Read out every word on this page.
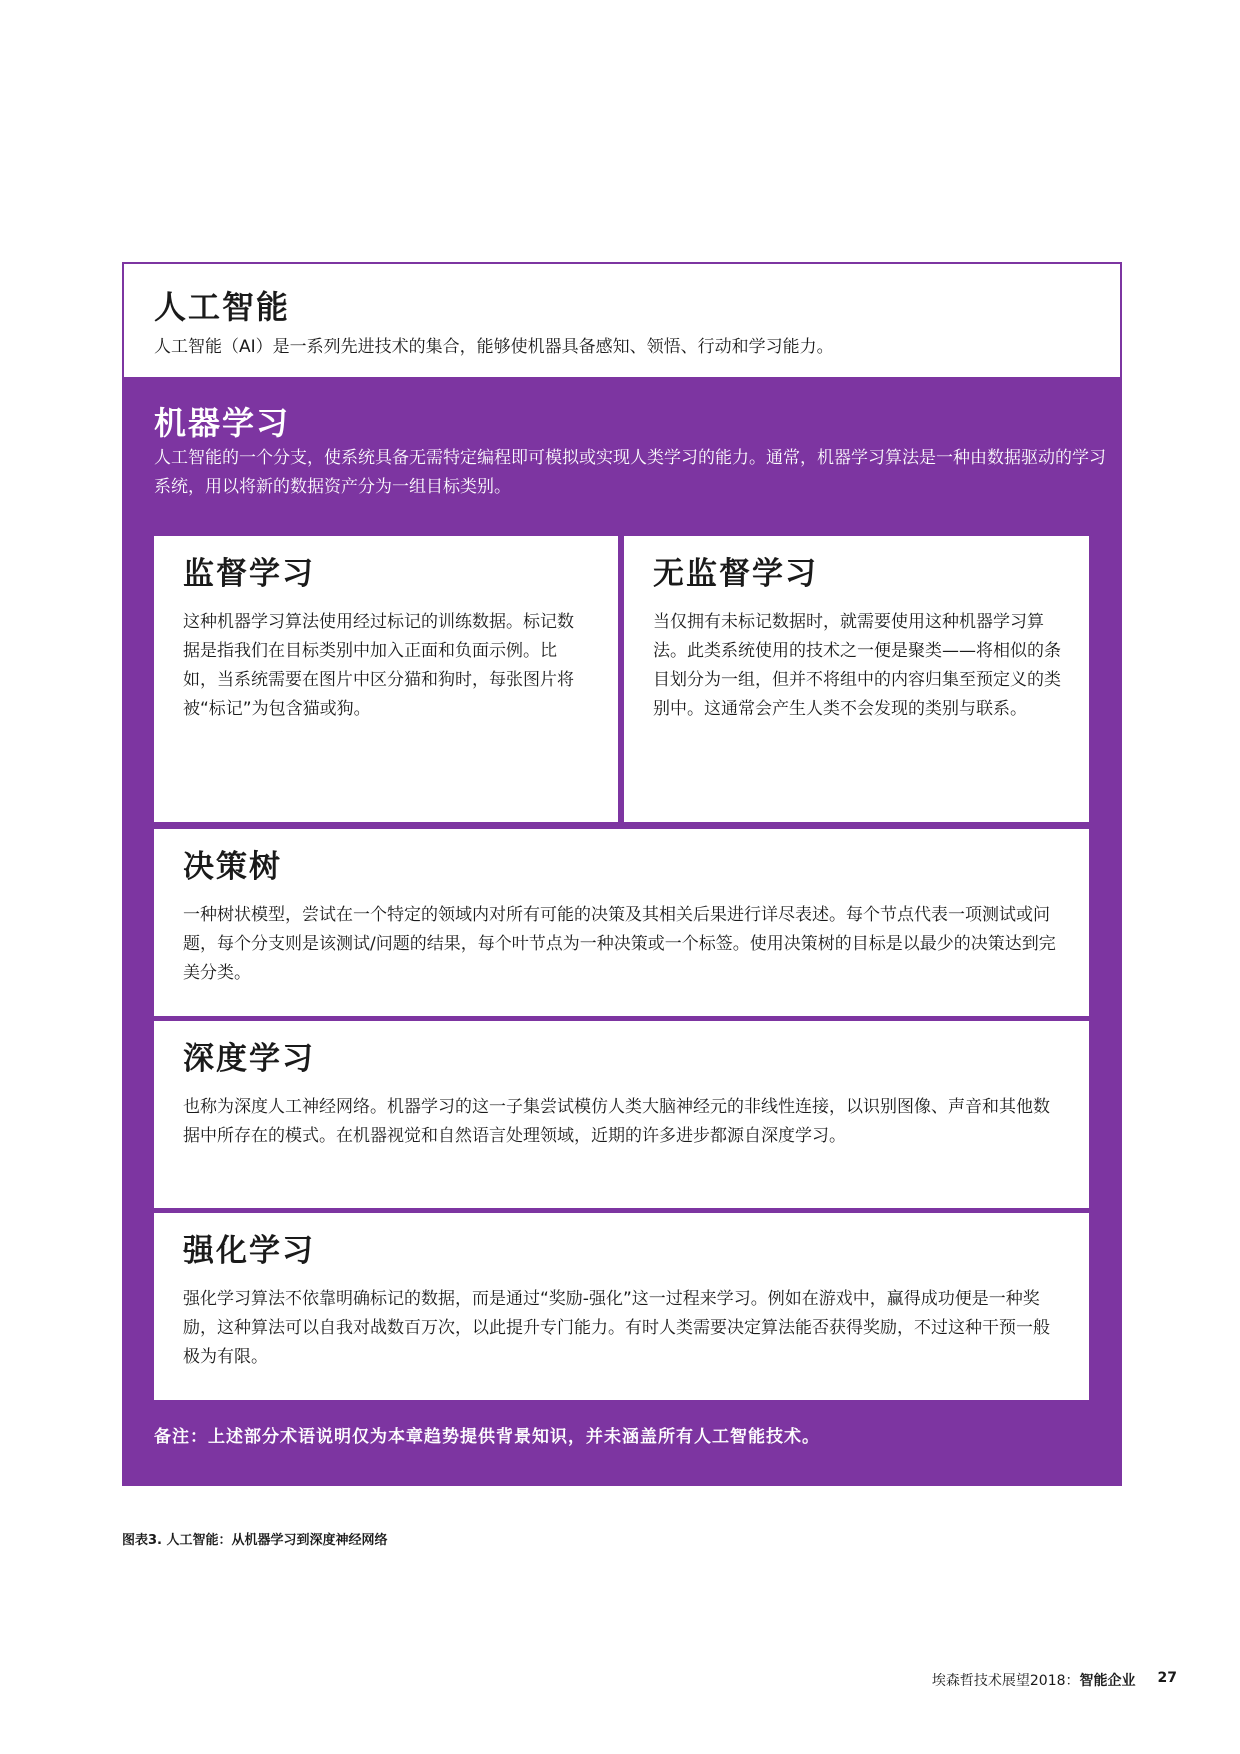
人工智能

人工智能（AI）是一系列先进技术的集合，能够使机器具备感知、领悟、行动和学习能力。

机器学习

人工智能的一个分支，使系统具备无需特定编程即可模拟或实现人类学习的能力。通常，机器学习算法是一种由数据驱动的学习系统，用以将新的数据资产分为一组目标类别。

监督学习

这种机器学习算法使用经过标记的训练数据。标记数据是指我们在目标类别中加入正面和负面示例。比如，当系统需要在图片中区分猫和狗时，每张图片将被“标记”为包含猫或狗。

无监督学习

当仅拥有未标记数据时，就需要使用这种机器学习算法。此类系统使用的技术之一便是聚类——将相似的条目划分为一组，但并不将组中的内容归集至预定义的类别中。这通常会产生人类不会发现的类别与联系。

决策树

一种树状模型，尝试在一个特定的领域内对所有可能的决策及其相关后果进行详尽表述。每个节点代表一项测试或问题，每个分支则是该测试/问题的结果，每个叶节点为一种决策或一个标签。使用决策树的目标是以最少的决策达到完美分类。

深度学习

也称为深度人工神经网络。机器学习的这一子集尝试模仿人类大脑神经元的非线性连接，以识别图像、声音和其他数据中所存在的模式。在机器视觉和自然语言处理领域，近期的许多进步都源自深度学习。

强化学习

强化学习算法不依靠明确标记的数据，而是通过“奖励-强化”这一过程来学习。例如在游戏中，赢得成功便是一种奖励，这种算法可以自我对战数百万次，以此提升专门能力。有时人类需要决定算法能否获得奖励，不过这种干预一般极为有限。

备注：上述部分术语说明仅为本章趋势提供背景知识，并未涵盖所有人工智能技术。

图表3. 人工智能：从机器学习到深度神经网络

埃森哲技术展望2018： 智能企业 27
